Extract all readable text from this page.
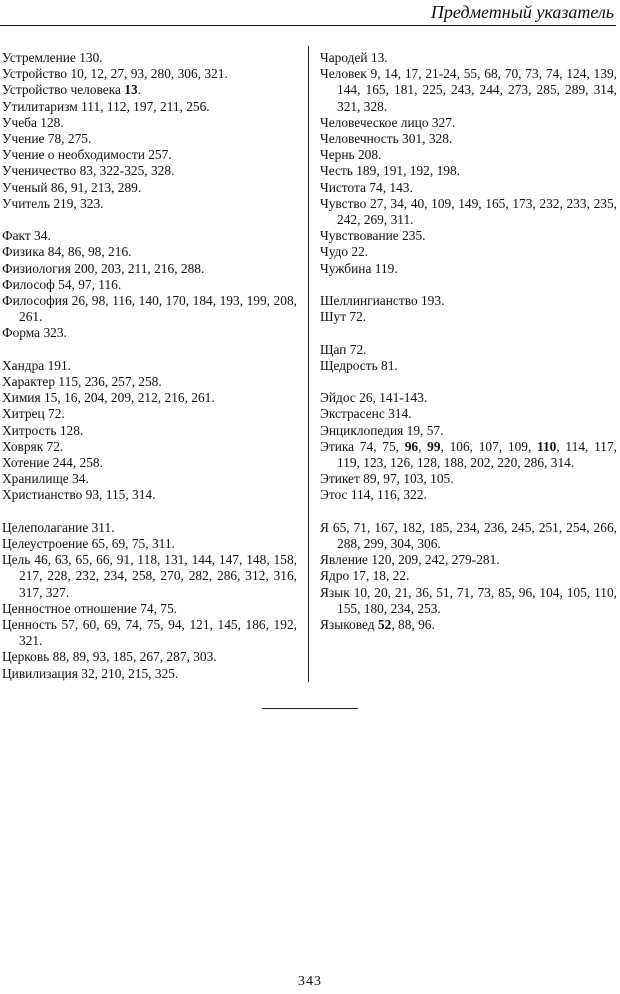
Предметный указатель
Устремление 130.
Устройство 10, 12, 27, 93, 280, 306, 321.
Устройство человека 13.
Утилитаризм 111, 112, 197, 211, 256.
Учеба 128.
Учение 78, 275.
Учение о необходимости 257.
Ученичество 83, 322-325, 328.
Ученый 86, 91, 213, 289.
Учитель 219, 323.
Факт 34.
Физика 84, 86, 98, 216.
Физиология 200, 203, 211, 216, 288.
Философ 54, 97, 116.
Философия 26, 98, 116, 140, 170, 184, 193, 199, 208, 261.
Форма 323.
Хандра 191.
Характер 115, 236, 257, 258.
Химия 15, 16, 204, 209, 212, 216, 261.
Хитрец 72.
Хитрость 128.
Ховряк 72.
Хотение 244, 258.
Хранилище 34.
Христианство 93, 115, 314.
Целеполагание 311.
Целеустроение 65, 69, 75, 311.
Цель 46, 63, 65, 66, 91, 118, 131, 144, 147, 148, 158, 217, 228, 232, 234, 258, 270, 282, 286, 312, 316, 317, 327.
Ценностное отношение 74, 75.
Ценность 57, 60, 69, 74, 75, 94, 121, 145, 186, 192, 321.
Церковь 88, 89, 93, 185, 267, 287, 303.
Цивилизация 32, 210, 215, 325.
Чародей 13.
Человек 9, 14, 17, 21-24, 55, 68, 70, 73, 74, 124, 139, 144, 165, 181, 225, 243, 244, 273, 285, 289, 314, 321, 328.
Человеческое лицо 327.
Человечность 301, 328.
Чернь 208.
Честь 189, 191, 192, 198.
Чистота 74, 143.
Чувство 27, 34, 40, 109, 149, 165, 173, 232, 233, 235, 242, 269, 311.
Чувствование 235.
Чудо 22.
Чужбина 119.
Шеллингианство 193.
Шут 72.
Щап 72.
Щедрость 81.
Эйдос 26, 141-143.
Экстрасенс 314.
Энциклопедия 19, 57.
Этика 74, 75, 96, 99, 106, 107, 109, 110, 114, 117, 119, 123, 126, 128, 188, 202, 220, 286, 314.
Этикет 89, 97, 103, 105.
Этос 114, 116, 322.
Я 65, 71, 167, 182, 185, 234, 236, 245, 251, 254, 266, 288, 299, 304, 306.
Явление 120, 209, 242, 279-281.
Ядро 17, 18, 22.
Язык 10, 20, 21, 36, 51, 71, 73, 85, 96, 104, 105, 110, 155, 180, 234, 253.
Языковед 52, 88, 96.
343
